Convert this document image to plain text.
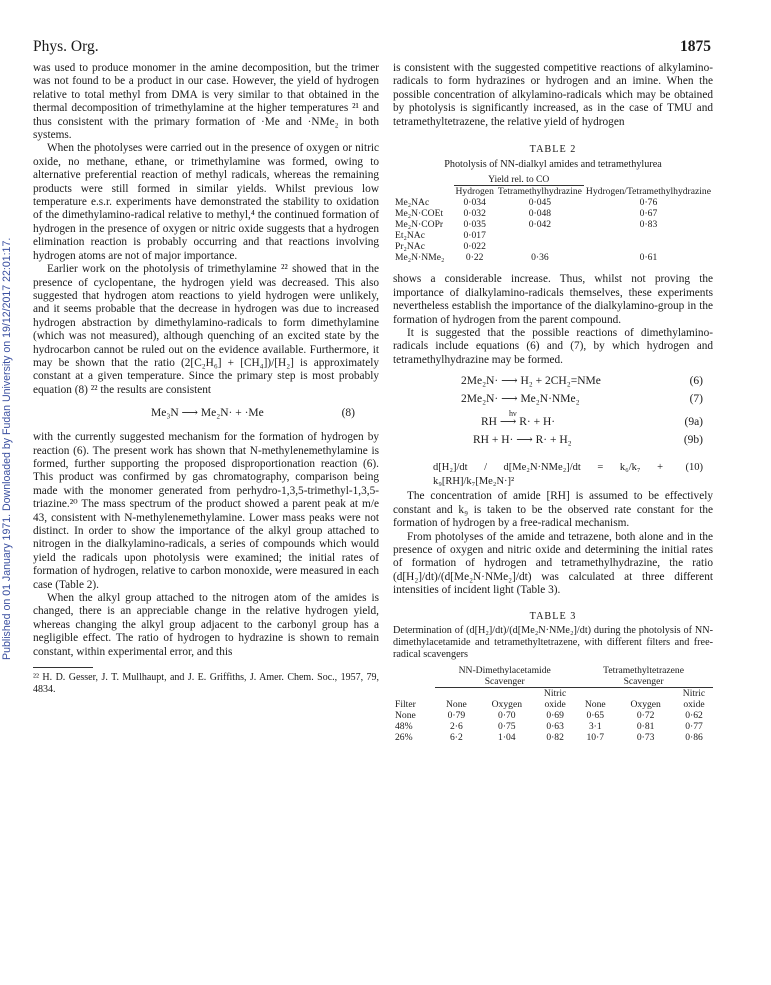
Phys. Org.	1875
Published on 01 January 1971. Downloaded by Fudan University on 19/12/2017 22:01:17.

was used to produce monomer in the amine decomposition, but the trimer was not found to be a product in our case. However, the yield of hydrogen relative to total methyl from DMA is very similar to that obtained in the thermal decomposition of trimethylamine at the higher temperatures ²¹ and thus consistent with the primary formation of ·Me and ·NMe₂ in both systems.

When the photolyses were carried out in the presence of oxygen or nitric oxide, no methane, ethane, or trimethylamine was formed, owing to alternative preferential reaction of methyl radicals, whereas the remaining products were still formed in similar yields. Whilst previous low temperature e.s.r. experiments have demonstrated the stability to oxidation of the dimethylamino-radical relative to methyl,⁴ the continued formation of hydrogen in the presence of oxygen or nitric oxide suggests that a hydrogen elimination reaction is probably occurring and that reactions involving hydrogen atoms are not of major importance.

Earlier work on the photolysis of trimethylamine ²² showed that in the presence of cyclopentane, the hydrogen yield was decreased. This also suggested that hydrogen atom reactions to yield hydrogen were unlikely, and it seems probable that the decrease in hydrogen was due to increased hydrogen abstraction by dimethylamino-radicals to form dimethylamine (which was not measured), although quenching of an excited state by the hydrocarbon cannot be ruled out on the evidence available. Furthermore, it may be shown that the ratio (2[C₂H₆] + [CH₄])/[H₂] is approximately constant at a given temperature. Since the primary step is most probably equation (8) ²² the results are consistent

Me₃N ⟶ Me₂N· + ·Me	(8)

with the currently suggested mechanism for the formation of hydrogen by reaction (6). The present work has shown that N-methylenemethylamine is formed, further supporting the proposed disproportionation reaction (6). This product was confirmed by gas chromatography, comparison being made with the monomer generated from perhydro-1,3,5-trimethyl-1,3,5-triazine.²⁰ The mass spectrum of the product showed a parent peak at m/e 43, consistent with N-methylenemethylamine. Lower mass peaks were not distinct. In order to show the importance of the alkyl group attached to nitrogen in the dialkylamino-radicals, a series of compounds which would yield the radicals upon photolysis were examined; the initial rates of formation of hydrogen, relative to carbon monoxide, were measured in each case (Table 2).

When the alkyl group attached to the nitrogen atom of the amides is changed, there is an appreciable change in the relative hydrogen yield, whereas changing the alkyl group adjacent to the carbonyl group has a negligible effect. The ratio of hydrogen to hydrazine is shown to remain constant, within experimental error, and this

²² H. D. Gesser, J. T. Mullhaupt, and J. E. Griffiths, J. Amer. Chem. Soc., 1957, 79, 4834.

is consistent with the suggested competitive reactions of alkylamino-radicals to form hydrazines or hydrogen and an imine. When the possible concentration of alkylamino-radicals which may be obtained by photolysis is significantly increased, as in the case of TMU and tetramethyltetrazene, the relative yield of hydrogen

TABLE 2
Photolysis of NN-dialkyl amides and tetramethylurea
	Yield rel. to CO		
	Hydrogen	Tetramethylhydrazine	Hydrogen/Tetramethylhydrazine
Me₂NAc	0·034	0·045	0·76
Me₂N·COEt	0·032	0·048	0·67
Me₂N·COPr	0·035	0·042	0·83
Et₂NAc	0·017		
Pr₂NAc	0·022		
Me₂N·NMe₂	0·22	0·36	0·61

shows a considerable increase. Thus, whilst not proving the importance of dialkylamino-radicals themselves, these experiments nevertheless establish the importance of the dialkylamino-group in the formation of hydrogen from the parent compound.

It is suggested that the possible reactions of dimethylamino-radicals include equations (6) and (7), by which hydrogen and tetramethylhydrazine may be formed.

2Me₂N· ⟶ H₂ + 2CH₂=NMe	(6)
2Me₂N· ⟶ Me₂N·NMe₂	(7)
hν
RH ⟶ R· + H·	(9a)
RH + H· ⟶ R· + H₂	(9b)
d[H₂]/dt / d[Me₂N·NMe₂]/dt = k₆/k₇ + k₉[RH]/k₇[Me₂N·]²
(10)

The concentration of amide [RH] is assumed to be effectively constant and k₉ is taken to be the observed rate constant for the formation of hydrogen by a free-radical mechanism.

From photolyses of the amide and tetrazene, both alone and in the presence of oxygen and nitric oxide and determining the initial rates of formation of hydrogen and tetramethylhydrazine, the ratio (d[H₂]/dt)/(d[Me₂N·NMe₂]/dt) was calculated at three different intensities of incident light (Table 3).

TABLE 3
Determination of (d[H₂]/dt)/(d[Me₂N·NMe₂]/dt) during the photolysis of NN-dimethylacetamide and tetramethyltetrazene, with different filters and free-radical scavengers
	NN-Dimethylacetamide			Tetramethyltetrazene		
	Scavenger			Scavenger		
Filter	None	Oxygen	Nitric oxide	None	Oxygen	Nitric oxide
None	0·79	0·70	0·69	0·65	0·72	0·62
48%	2·6	0·75	0·63	3·1	0·81	0·77
26%	6·2	1·04	0·82	10·7	0·73	0·86
